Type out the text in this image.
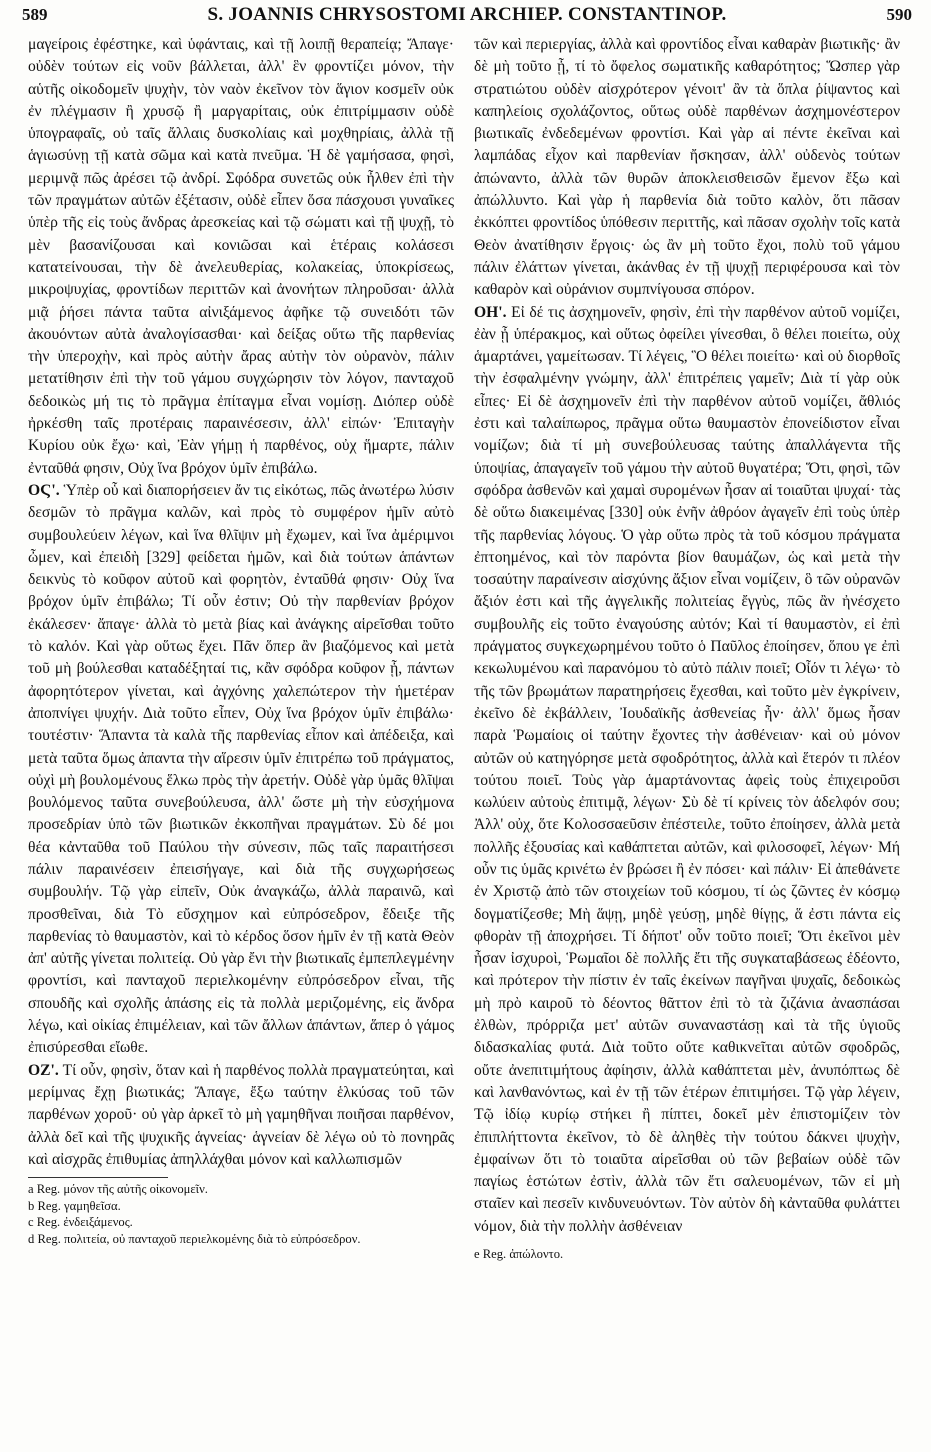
589	S. JOANNIS CHRYSOSTOMI ARCHIEP. CONSTANTINOP.	590

μαγείροις ἐφέστηκε, καὶ ὑφάνταις, καὶ τῇ λοιπῇ θεραπείᾳ; Ἄπαγε· οὐδὲν τούτων εἰς νοῦν βάλλεται, ἀλλ' ἓν φροντίζει μόνον, τὴν αὑτῆς οἰκοδομεῖν ψυχὴν, τὸν ναὸν ἐκεῖνον τὸν ἅγιον κοσμεῖν οὐκ ἐν πλέγμασιν ἢ χρυσῷ ἢ μαργαρίταις, οὐκ ἐπιτρίμμασιν οὐδὲ ὑπογραφαῖς, οὐ ταῖς ἄλλαις δυσκολίαις καὶ μοχθηρίαις, ἀλλὰ τῇ ἁγιωσύνῃ τῇ κατὰ σῶμα καὶ κατὰ πνεῦμα. Ἡ δὲ γαμήσασα, φησὶ, μεριμνᾷ πῶς ἀρέσει τῷ ἀνδρί. Σφόδρα συνετῶς οὐκ ἦλθεν ἐπὶ τὴν τῶν πραγμάτων αὐτῶν ἐξέτασιν, οὐδὲ εἶπεν ὅσα πάσχουσι γυναῖκες ὑπὲρ τῆς εἰς τοὺς ἄνδρας ἀρεσκείας καὶ τῷ σώματι καὶ τῇ ψυχῇ, τὸ μὲν βασανίζουσαι καὶ κονιῶσαι καὶ ἑτέραις κολάσεσι κατατείνουσαι, τὴν δὲ ἀνελευθερίας, κολακείας, ὑποκρίσεως, μικροψυχίας, φροντίδων περιττῶν καὶ ἀνονήτων πληροῦσαι· ἀλλὰ μιᾷ ῥήσει πάντα ταῦτα αἰνιξάμενος ἀφῆκε τῷ συνειδότι τῶν ἀκουόντων αὐτὰ ἀναλογίσασθαι· καὶ δείξας οὕτω τῆς παρθενίας τὴν ὑπεροχὴν, καὶ πρὸς αὐτὴν ἄρας αὐτὴν τὸν οὐρανὸν, πάλιν μετατίθησιν ἐπὶ τὴν τοῦ γάμου συγχώρησιν τὸν λόγον, πανταχοῦ δεδοικὼς μή τις τὸ πρᾶγμα ἐπίταγμα εἶναι νομίσῃ. Διόπερ οὐδὲ ἠρκέσθη ταῖς προτέραις παραινέσεσιν, ἀλλ' εἰπών· Ἐπιταγὴν Κυρίου οὐκ ἔχω· καὶ, Ἐὰν γήμῃ ἡ παρθένος, οὐχ ἥμαρτε, πάλιν ἐνταῦθά φησιν, Οὐχ ἵνα βρόχον ὑμῖν ἐπιβάλω.

ΟϚ'. Ὑπὲρ οὗ καὶ διαπορήσειεν ἄν τις εἰκότως, πῶς ἀνωτέρω λύσιν δεσμῶν τὸ πρᾶγμα καλῶν, καὶ πρὸς τὸ συμφέρον ἡμῖν αὐτὸ συμβουλεύειν λέγων, καὶ ἵνα θλῖψιν μὴ ἔχωμεν, καὶ ἵνα ἀμέριμνοι ὦμεν, καὶ ἐπειδὴ [329] φείδεται ἡμῶν, καὶ διὰ τούτων ἁπάντων δεικνὺς τὸ κοῦφον αὐτοῦ καὶ φορητὸν, ἐνταῦθά φησιν· Οὐχ ἵνα βρόχον ὑμῖν ἐπιβάλω; Τί οὖν ἐστιν; Οὐ τὴν παρθενίαν βρόχον ἐκάλεσεν· ἄπαγε· ἀλλὰ τὸ μετὰ βίας καὶ ἀνάγκης αἱρεῖσθαι τοῦτο τὸ καλόν. Καὶ γὰρ οὕτως ἔχει. Πᾶν ὅπερ ἂν βιαζόμενος καὶ μετὰ τοῦ μὴ βούλεσθαι καταδέξηταί τις, κἂν σφόδρα κοῦφον ᾖ, πάντων ἀφορητότερον γίνεται, καὶ ἀγχόνης χαλεπώτερον τὴν ἡμετέραν ἀποπνίγει ψυχήν. Διὰ τοῦτο εἶπεν, Οὐχ ἵνα βρόχον ὑμῖν ἐπιβάλω· τουτέστιν· Ἅπαντα τὰ καλὰ τῆς παρθενίας εἶπον καὶ ἀπέδειξα, καὶ μετὰ ταῦτα ὅμως ἀπαντα τὴν αἵρεσιν ὑμῖν ἐπιτρέπω τοῦ πράγματος, οὐχὶ μὴ βουλομένους ἕλκω πρὸς τὴν ἀρετήν. Οὐδὲ γὰρ ὑμᾶς θλῖψαι βουλόμενος ταῦτα συνεβούλευσα, ἀλλ' ὥστε μὴ τὴν εὐσχήμονα προσεδρίαν ὑπὸ τῶν βιωτικῶν ἐκκοπῆναι πραγμάτων. Σὺ δέ μοι θέα κἀνταῦθα τοῦ Παύλου τὴν σύνεσιν, πῶς ταῖς παραιτήσεσι πάλιν παραινέσειν ἐπεισήγαγε, καὶ διὰ τῆς συγχωρήσεως συμβουλήν. Τῷ γὰρ εἰπεῖν, Οὐκ ἀναγκάζω, ἀλλὰ παραινῶ, καὶ προσθεῖναι, διὰ Τὸ εὔσχημον καὶ εὐπρόσεδρον, ἔδειξε τῆς παρθενίας τὸ θαυμαστὸν, καὶ τὸ κέρδος ὅσον ἡμῖν ἐν τῇ κατὰ Θεὸν ἀπ' αὐτῆς γίνεται πολιτείᾳ. Οὐ γὰρ ἔνι τὴν βιωτικαῖς ἐμπεπλεγμένην φροντίσι, καὶ πανταχοῦ περιελκομένην εὐπρόσεδρον εἶναι, τῆς σπουδῆς καὶ σχολῆς ἁπάσης εἰς τὰ πολλὰ μεριζομένης, εἰς ἄνδρα λέγω, καὶ οἰκίας ἐπιμέλειαν, καὶ τῶν ἄλλων ἁπάντων, ἅπερ ὁ γάμος ἐπισύρεσθαι εἴωθε.

ΟΖ'. Τί οὖν, φησὶν, ὅταν καὶ ἡ παρθένος πολλὰ πραγματεύηται, καὶ μερίμνας ἔχῃ βιωτικάς; Ἄπαγε, ἔξω ταύτην ἑλκύσας τοῦ τῶν παρθένων χοροῦ· οὐ γὰρ ἀρκεῖ τὸ μὴ γαμηθῆναι ποιῆσαι παρθένον, ἀλλὰ δεῖ καὶ τῆς ψυχικῆς ἁγνείας· ἁγνείαν δὲ λέγω οὐ τὸ πονηρᾶς καὶ αἰσχρᾶς ἐπιθυμίας ἀπηλλάχθαι μόνον καὶ καλλωπισμῶν

a Reg. μόνον τῆς αὐτῆς οἰκονομεῖν.

b Reg. γαμηθεῖσα.

c Reg. ἐνδειξάμενος.

d Reg. πολιτεία, οὐ πανταχοῦ περιελκομένης διὰ τὸ εὐπρόσεδρον.

τῶν καὶ περιεργίας, ἀλλὰ καὶ φροντίδος εἶναι καθαρὰν βιωτικῆς· ἂν δὲ μὴ τοῦτο ᾖ, τί τὸ ὄφελος σωματικῆς καθαρότητος; Ὥσπερ γὰρ στρατιώτου οὐδὲν αἰσχρότερον γένοιτ' ἂν τὰ ὅπλα ῥίψαντος καὶ καπηλείοις σχολάζοντος, οὕτως οὐδὲ παρθένων ἀσχημονέστερον βιωτικαῖς ἐνδεδεμένων φροντίσι. Καὶ γὰρ αἱ πέντε ἐκεῖναι καὶ λαμπάδας εἶχον καὶ παρθενίαν ἤσκησαν, ἀλλ' οὐδενὸς τούτων ἀπώναντο, ἀλλὰ τῶν θυρῶν ἀποκλεισθεισῶν ἔμενον ἔξω καὶ ἀπώλλυντο. Καὶ γὰρ ἡ παρθενία διὰ τοῦτο καλὸν, ὅτι πᾶσαν ἐκκόπτει φροντίδος ὑπόθεσιν περιττῆς, καὶ πᾶσαν σχολὴν τοῖς κατὰ Θεὸν ἀνατίθησιν ἔργοις· ὡς ἂν μὴ τοῦτο ἔχοι, πολὺ τοῦ γάμου πάλιν ἐλάττων γίνεται, ἀκάνθας ἐν τῇ ψυχῇ περιφέρουσα καὶ τὸν καθαρὸν καὶ οὐράνιον συμπνίγουσα σπόρον.

ΟΗ'. Εἰ δέ τις ἀσχημονεῖν, φησὶν, ἐπὶ τὴν παρθένον αὐτοῦ νομίζει, ἐὰν ᾖ ὑπέρακμος, καὶ οὕτως ὀφείλει γίνεσθαι, ὃ θέλει ποιείτω, οὐχ ἁμαρτάνει, γαμείτωσαν. Τί λέγεις, Ὃ θέλει ποιείτω· καὶ οὐ διορθοῖς τὴν ἐσφαλμένην γνώμην, ἀλλ' ἐπιτρέπεις γαμεῖν; Διὰ τί γὰρ οὐκ εἶπες· Εἰ δὲ ἀσχημονεῖν ἐπὶ τὴν παρθένον αὐτοῦ νομίζει, ἄθλιός ἐστι καὶ ταλαίπωρος, πρᾶγμα οὕτω θαυμαστὸν ἐπονείδιστον εἶναι νομίζων; διὰ τί μὴ συνεβούλευσας ταύτης ἀπαλλάγεντα τῆς ὑποψίας, ἀπαγαγεῖν τοῦ γάμου τὴν αὐτοῦ θυγατέρα; Ὅτι, φησὶ, τῶν σφόδρα ἀσθενῶν καὶ χαμαὶ συρομένων ἦσαν αἱ τοιαῦται ψυχαί· τὰς δὲ οὕτω διακειμένας [330] οὐκ ἐνῆν ἀθρόον ἀγαγεῖν ἐπὶ τοὺς ὑπὲρ τῆς παρθενίας λόγους. Ὁ γὰρ οὕτω πρὸς τὰ τοῦ κόσμου πράγματα ἐπτοημένος, καὶ τὸν παρόντα βίον θαυμάζων, ὡς καὶ μετὰ τὴν τοσαύτην παραίνεσιν αἰσχύνης ἄξιον εἶναι νομίζειν, ὃ τῶν οὐρανῶν ἄξιόν ἐστι καὶ τῆς ἀγγελικῆς πολιτείας ἔγγὺς, πῶς ἂν ἠνέσχετο συμβουλῆς εἰς τοῦτο ἐναγούσης αὐτόν; Καὶ τί θαυμαστὸν, εἰ ἐπὶ πράγματος συγκεχωρημένου τοῦτο ὁ Παῦλος ἐποίησεν, ὅπου γε ἐπὶ κεκωλυμένου καὶ παρανόμου τὸ αὐτὸ πάλιν ποιεῖ; Οἶόν τι λέγω· τὸ τῆς τῶν βρωμάτων παρατηρήσεις ἔχεσθαι, καὶ τοῦτο μὲν ἐγκρίνειν, ἐκεῖνο δὲ ἐκβάλλειν, Ἰουδαϊκῆς ἀσθενείας ἦν· ἀλλ' ὅμως ἦσαν παρὰ Ῥωμαίοις οἱ ταύτην ἔχοντες τὴν ἀσθένειαν· καὶ οὐ μόνον αὐτῶν οὐ κατηγόρησε μετὰ σφοδρότητος, ἀλλὰ καὶ ἕτερόν τι πλέον τούτου ποιεῖ. Τοὺς γὰρ ἁμαρτάνοντας ἀφεὶς τοὺς ἐπιχειροῦσι κωλύειν αὐτοὺς ἐπιτιμᾷ, λέγων· Σὺ δὲ τί κρίνεις τὸν ἀδελφόν σου; Ἀλλ' οὐχ, ὅτε Κολοσσαεῦσιν ἐπέστειλε, τοῦτο ἐποίησεν, ἀλλὰ μετὰ πολλῆς ἐξουσίας καὶ καθάπτεται αὐτῶν, καὶ φιλοσοφεῖ, λέγων· Μή οὖν τις ὑμᾶς κρινέτω ἐν βρώσει ἢ ἐν πόσει· καὶ πάλιν· Εἰ ἀπεθάνετε ἐν Χριστῷ ἀπὸ τῶν στοιχείων τοῦ κόσμου, τί ὡς ζῶντες ἐν κόσμῳ δογματίζεσθε; Μὴ ἅψῃ, μηδὲ γεύσῃ, μηδὲ θίγῃς, ἅ ἐστι πάντα εἰς φθορὰν τῇ ἀποχρήσει. Τί δήποτ' οὖν τοῦτο ποιεῖ; Ὅτι ἐκεῖνοι μὲν ἦσαν ἰσχυροὶ, Ῥωμαῖοι δὲ πολλῆς ἔτι τῆς συγκαταβάσεως ἐδέοντο, καὶ πρότερον τὴν πίστιν ἐν ταῖς ἐκείνων παγῆναι ψυχαῖς, δεδοικὼς μὴ πρὸ καιροῦ τὸ δέοντος θᾶττον ἐπὶ τὸ τὰ ζιζάνια ἀνασπάσαι ἐλθὼν, πρόρριζα μετ' αὐτῶν συναναστάσῃ καὶ τὰ τῆς ὑγιοῦς διδασκαλίας φυτά. Διὰ τοῦτο οὔτε καθικνεῖται αὐτῶν σφοδρῶς, οὔτε ἀνεπιτιμήτους ἀφίησιν, ἀλλὰ καθάπτεται μὲν, ἀνυπόπτως δὲ καὶ λανθανόντως, καὶ ἐν τῇ τῶν ἑτέρων ἐπιτιμήσει. Τῷ γὰρ λέγειν, Τῷ ἰδίῳ κυρίῳ στήκει ἢ πίπτει, δοκεῖ μὲν ἐπιστομίζειν τὸν ἐπιπλήττοντα ἐκεῖνον, τὸ δὲ ἀληθὲς τὴν τούτου δάκνει ψυχὴν, ἐμφαίνων ὅτι τὸ τοιαῦτα αἱρεῖσθαι οὐ τῶν βεβαίων οὐδὲ τῶν παγίως ἑστώτων ἐστὶν, ἀλλὰ τῶν ἔτι σαλευομένων, τῶν εἰ μὴ σταῖεν καὶ πεσεῖν κινδυνευόντων. Τὸν αὐτὸν δὴ κἀνταῦθα φυλάττει νόμον, διὰ τὴν πολλὴν ἀσθένειαν

e Reg. ἀπώλοντο.
